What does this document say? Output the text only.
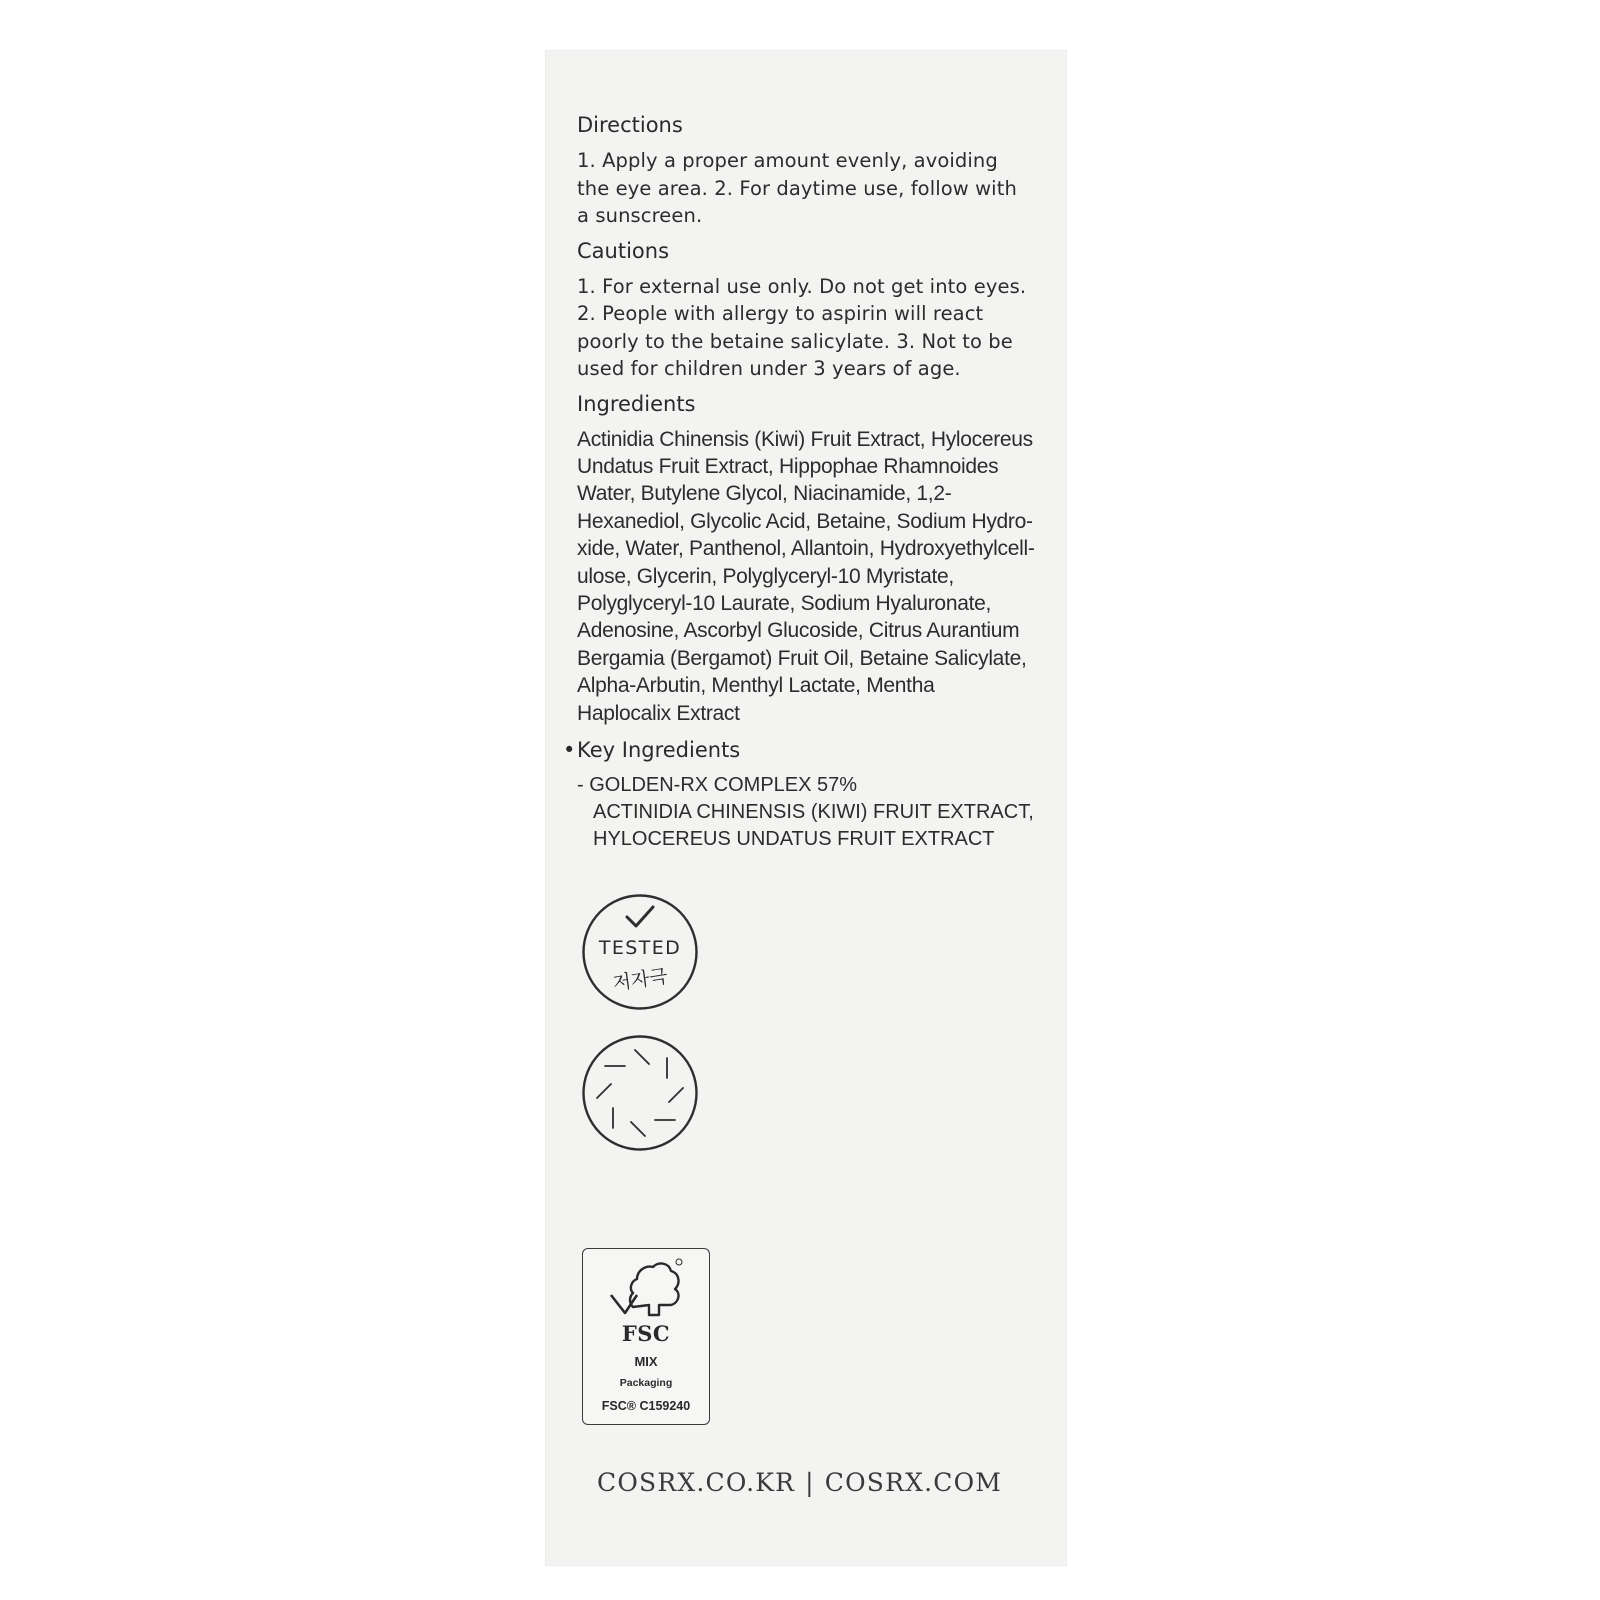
Directions
1. Apply a proper amount evenly, avoiding the eye area. 2. For daytime use, follow with a sunscreen.
Cautions
1. For external use only. Do not get into eyes. 2. People with allergy to aspirin will react poorly to the betaine salicylate. 3. Not to be used for children under 3 years of age.
Ingredients
Actinidia Chinensis (Kiwi) Fruit Extract, Hylocereus
Undatus Fruit Extract, Hippophae Rhamnoides
Water, Butylene Glycol, Niacinamide, 1,2-
Hexanediol, Glycolic Acid, Betaine, Sodium Hydro-
xide, Water, Panthenol, Allantoin, Hydroxyethylcell-
ulose, Glycerin, Polyglyceryl-10 Myristate,
Polyglyceryl-10 Laurate, Sodium Hyaluronate,
Adenosine, Ascorbyl Glucoside, Citrus Aurantium
Bergamia (Bergamot) Fruit Oil, Betaine Salicylate,
Alpha-Arbutin, Menthyl Lactate, Mentha
Haplocalix Extract
• Key Ingredients
- GOLDEN-RX COMPLEX 57%
ACTINIDIA CHINENSIS (KIWI) FRUIT EXTRACT,
HYLOCEREUS UNDATUS FRUIT EXTRACT
TESTED
저자극
FSC
MIX
Packaging
FSC® C159240
COSRX.CO.KR | COSRX.COM
